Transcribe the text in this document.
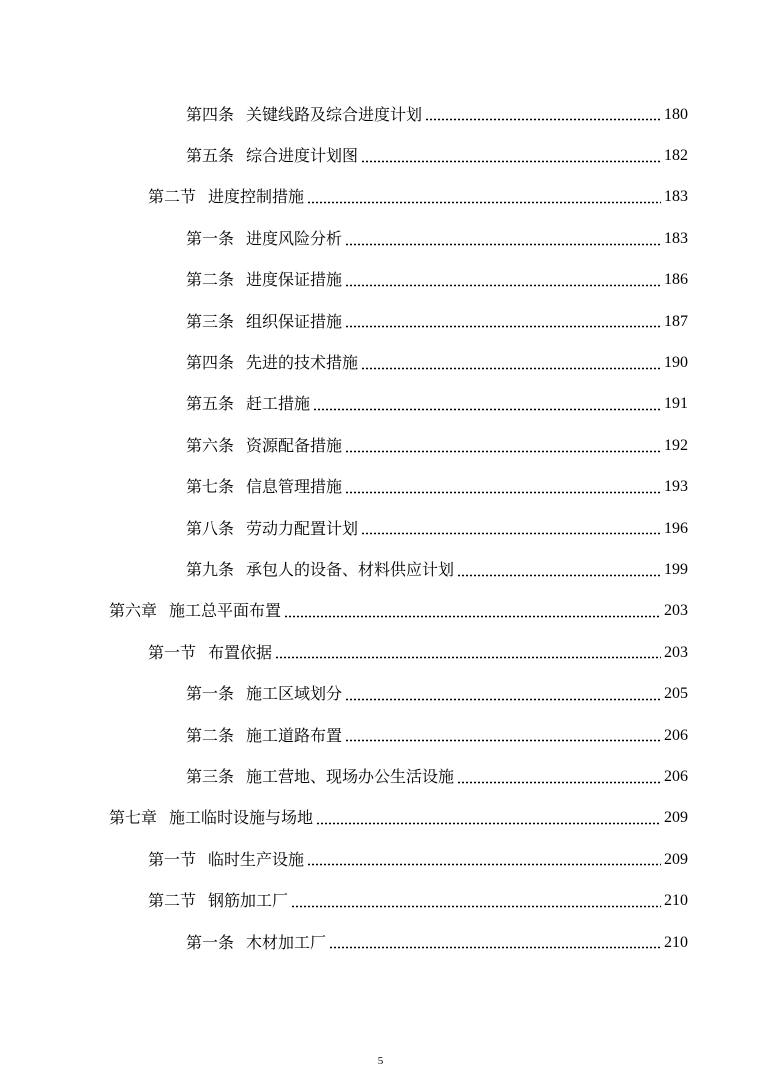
第四条 关键线路及综合进度计划	180
第五条 综合进度计划图	182
第二节 进度控制措施	183
第一条 进度风险分析	183
第二条 进度保证措施	186
第三条 组织保证措施	187
第四条 先进的技术措施	190
第五条 赶工措施	191
第六条 资源配备措施	192
第七条 信息管理措施	193
第八条 劳动力配置计划	196
第九条 承包人的设备、材料供应计划	199
第六章 施工总平面布置	203
第一节 布置依据	203
第一条 施工区域划分	205
第二条 施工道路布置	206
第三条 施工营地、现场办公生活设施	206
第七章 施工临时设施与场地	209
第一节 临时生产设施	209
第二节 钢筋加工厂	210
第一条 木材加工厂	210
5
